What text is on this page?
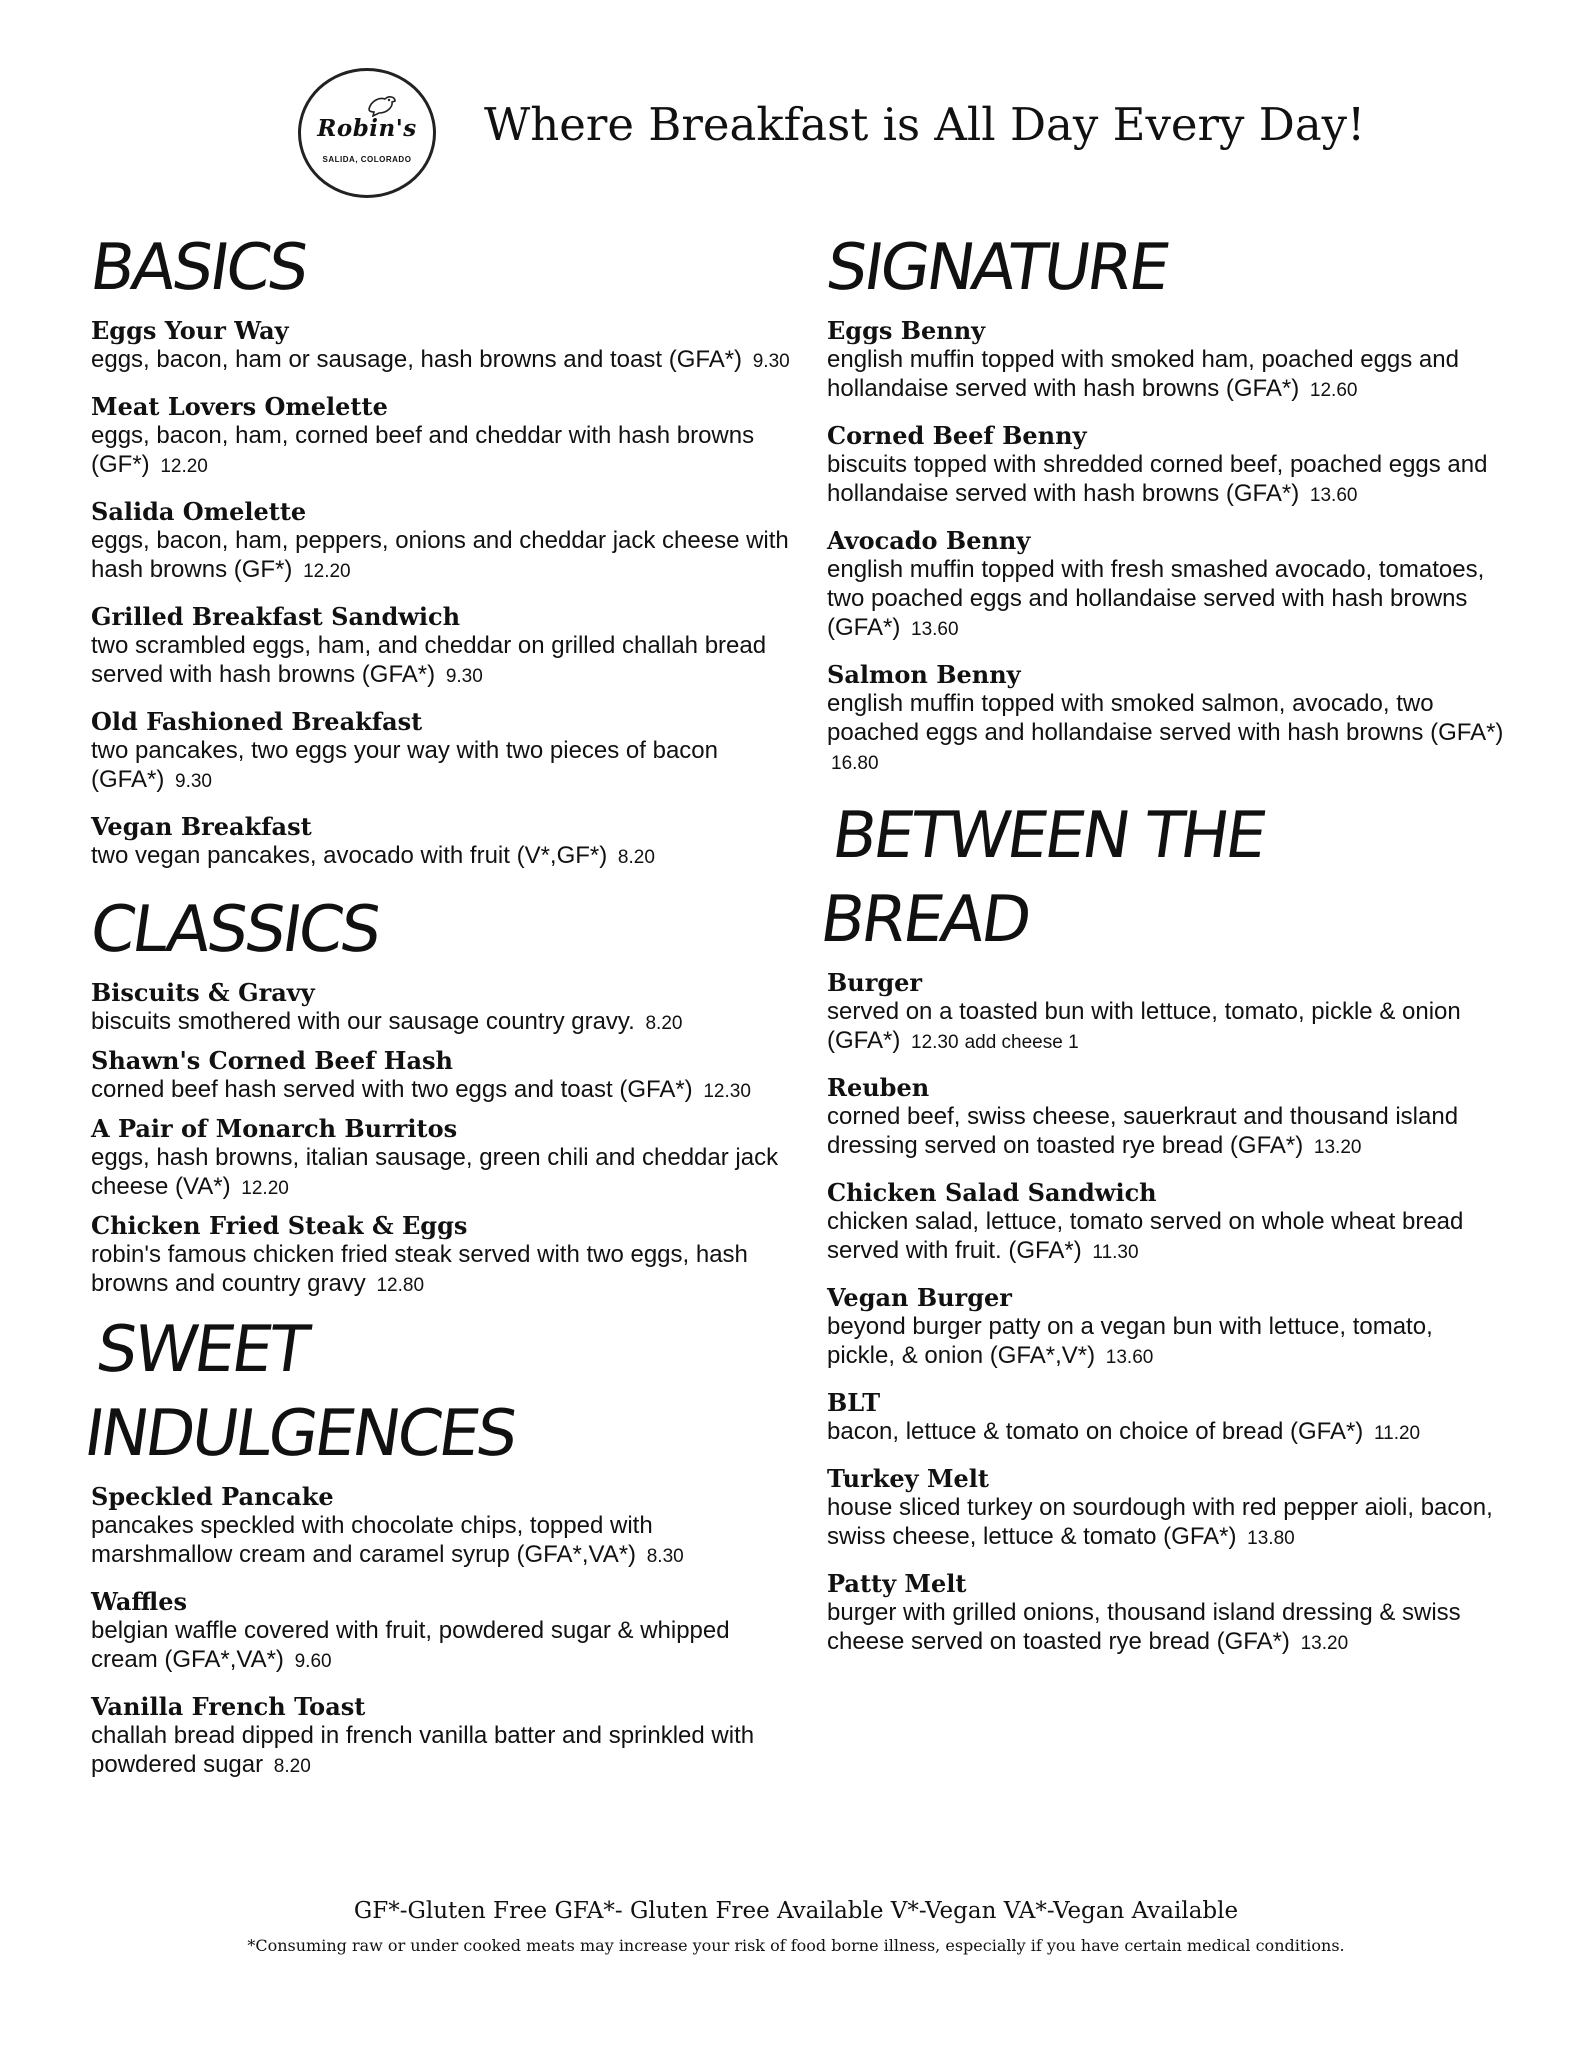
Robin's
SALIDA, COLORADO
Where Breakfast is All Day Every Day!
BASICS
Eggs Your Way
eggs, bacon, ham or sausage, hash browns and toast (GFA*) 9.30
Meat Lovers Omelette
eggs, bacon, ham, corned beef and cheddar with hash browns (GF*) 12.20
Salida Omelette
eggs, bacon, ham, peppers, onions and cheddar jack cheese with hash browns (GF*) 12.20
Grilled Breakfast Sandwich
two scrambled eggs, ham, and cheddar on grilled challah bread served with hash browns (GFA*) 9.30
Old Fashioned Breakfast
two pancakes, two eggs your way with two pieces of bacon (GFA*) 9.30
Vegan Breakfast
two vegan pancakes, avocado with fruit (V*,GF*) 8.20
CLASSICS
Biscuits & Gravy
biscuits smothered with our sausage country gravy. 8.20
Shawn's Corned Beef Hash
corned beef hash served with two eggs and toast (GFA*) 12.30
A Pair of Monarch Burritos
eggs, hash browns, italian sausage, green chili and cheddar jack cheese (VA*) 12.20
Chicken Fried Steak & Eggs
robin's famous chicken fried steak served with two eggs, hash browns and country gravy 12.80
SWEET INDULGENCES
Speckled Pancake
pancakes speckled with chocolate chips, topped with marshmallow cream and caramel syrup (GFA*,VA*) 8.30
Waffles
belgian waffle covered with fruit, powdered sugar & whipped cream (GFA*,VA*) 9.60
Vanilla French Toast
challah bread dipped in french vanilla batter and sprinkled with powdered sugar 8.20
SIGNATURE
Eggs Benny
english muffin topped with smoked ham, poached eggs and hollandaise served with hash browns (GFA*) 12.60
Corned Beef Benny
biscuits topped with shredded corned beef, poached eggs and hollandaise served with hash browns (GFA*) 13.60
Avocado Benny
english muffin topped with fresh smashed avocado, tomatoes, two poached eggs and hollandaise served with hash browns (GFA*) 13.60
Salmon Benny
english muffin topped with smoked salmon, avocado, two poached eggs and hollandaise served with hash browns (GFA*) 16.80
BETWEEN THE BREAD
Burger
served on a toasted bun with lettuce, tomato, pickle & onion (GFA*) 12.30 add cheese 1
Reuben
corned beef, swiss cheese, sauerkraut and thousand island dressing served on toasted rye bread (GFA*) 13.20
Chicken Salad Sandwich
chicken salad, lettuce, tomato served on whole wheat bread served with fruit. (GFA*) 11.30
Vegan Burger
beyond burger patty on a vegan bun with lettuce, tomato, pickle, & onion (GFA*,V*) 13.60
BLT
bacon, lettuce & tomato on choice of bread (GFA*) 11.20
Turkey Melt
house sliced turkey on sourdough with red pepper aioli, bacon, swiss cheese, lettuce & tomato (GFA*) 13.80
Patty Melt
burger with grilled onions, thousand island dressing & swiss cheese served on toasted rye bread (GFA*) 13.20
GF*-Gluten Free GFA*- Gluten Free Available V*-Vegan VA*-Vegan Available
*Consuming raw or under cooked meats may increase your risk of food borne illness, especially if you have certain medical conditions.
